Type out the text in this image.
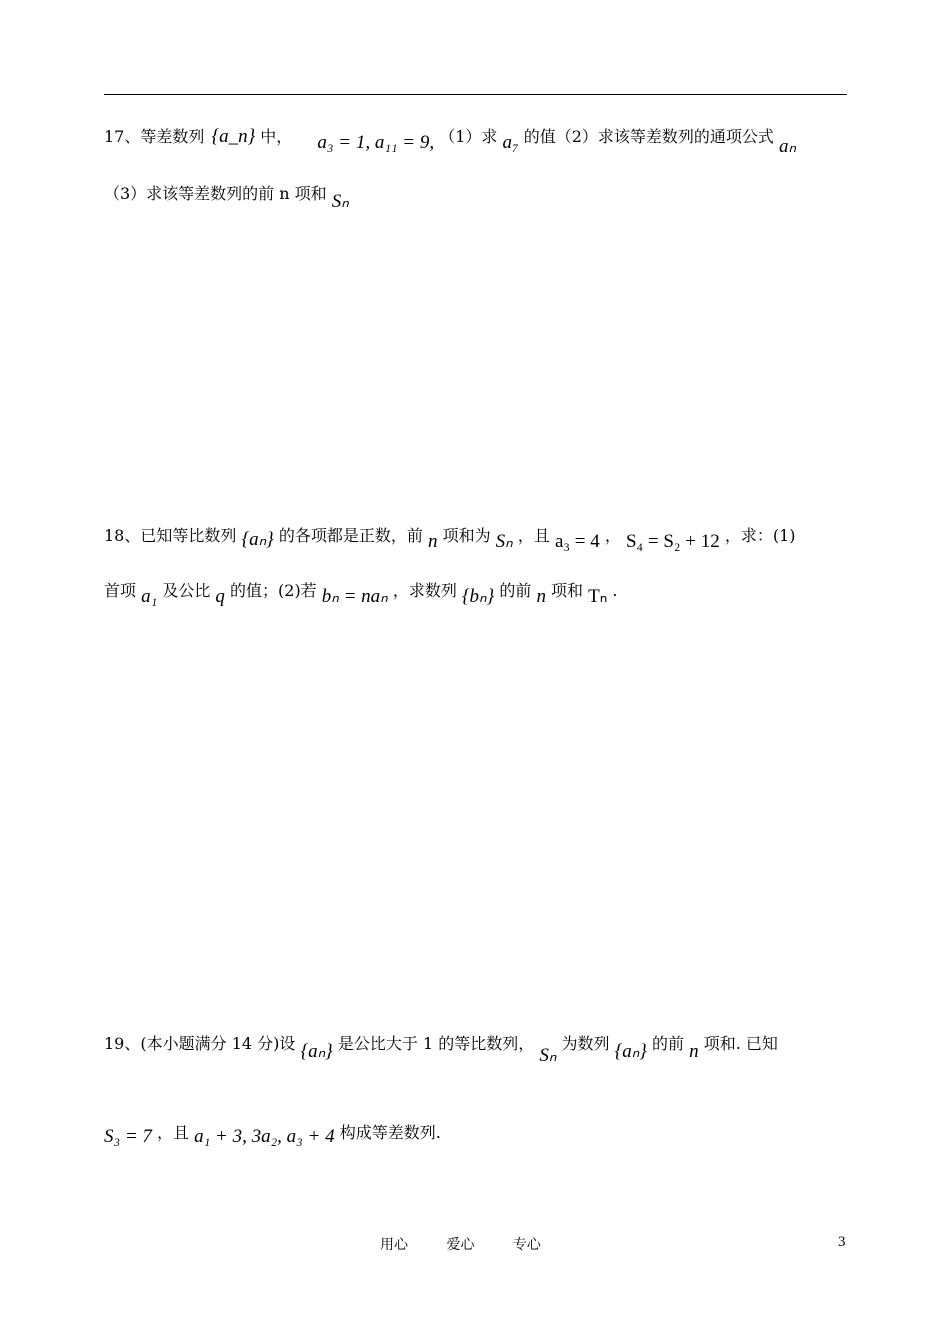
17、等差数列 {a_n} 中， a₃ = 1, a₁₁ = 9, （1）求 a₇ 的值（2）求该等差数列的通项公式 aₙ
（3）求该等差数列的前 n 项和 Sₙ
18、已知等比数列 {aₙ} 的各项都是正数，前 n 项和为 Sₙ ，且 a₃ = 4 ， S₄ = S₂ + 12 ，求：(1)
首项 a₁ 及公比 q 的值；(2)若 bₙ = naₙ ，求数列 {bₙ} 的前 n 项和 Tₙ .
19、(本小题满分 14 分)设 {aₙ} 是公比大于 1 的等比数列， Sₙ 为数列 {aₙ} 的前 n 项和. 已知
S₃ = 7 ，且 a₁ + 3, 3a₂, a₃ + 4 构成等差数列.
用心	爱心	专心	3
